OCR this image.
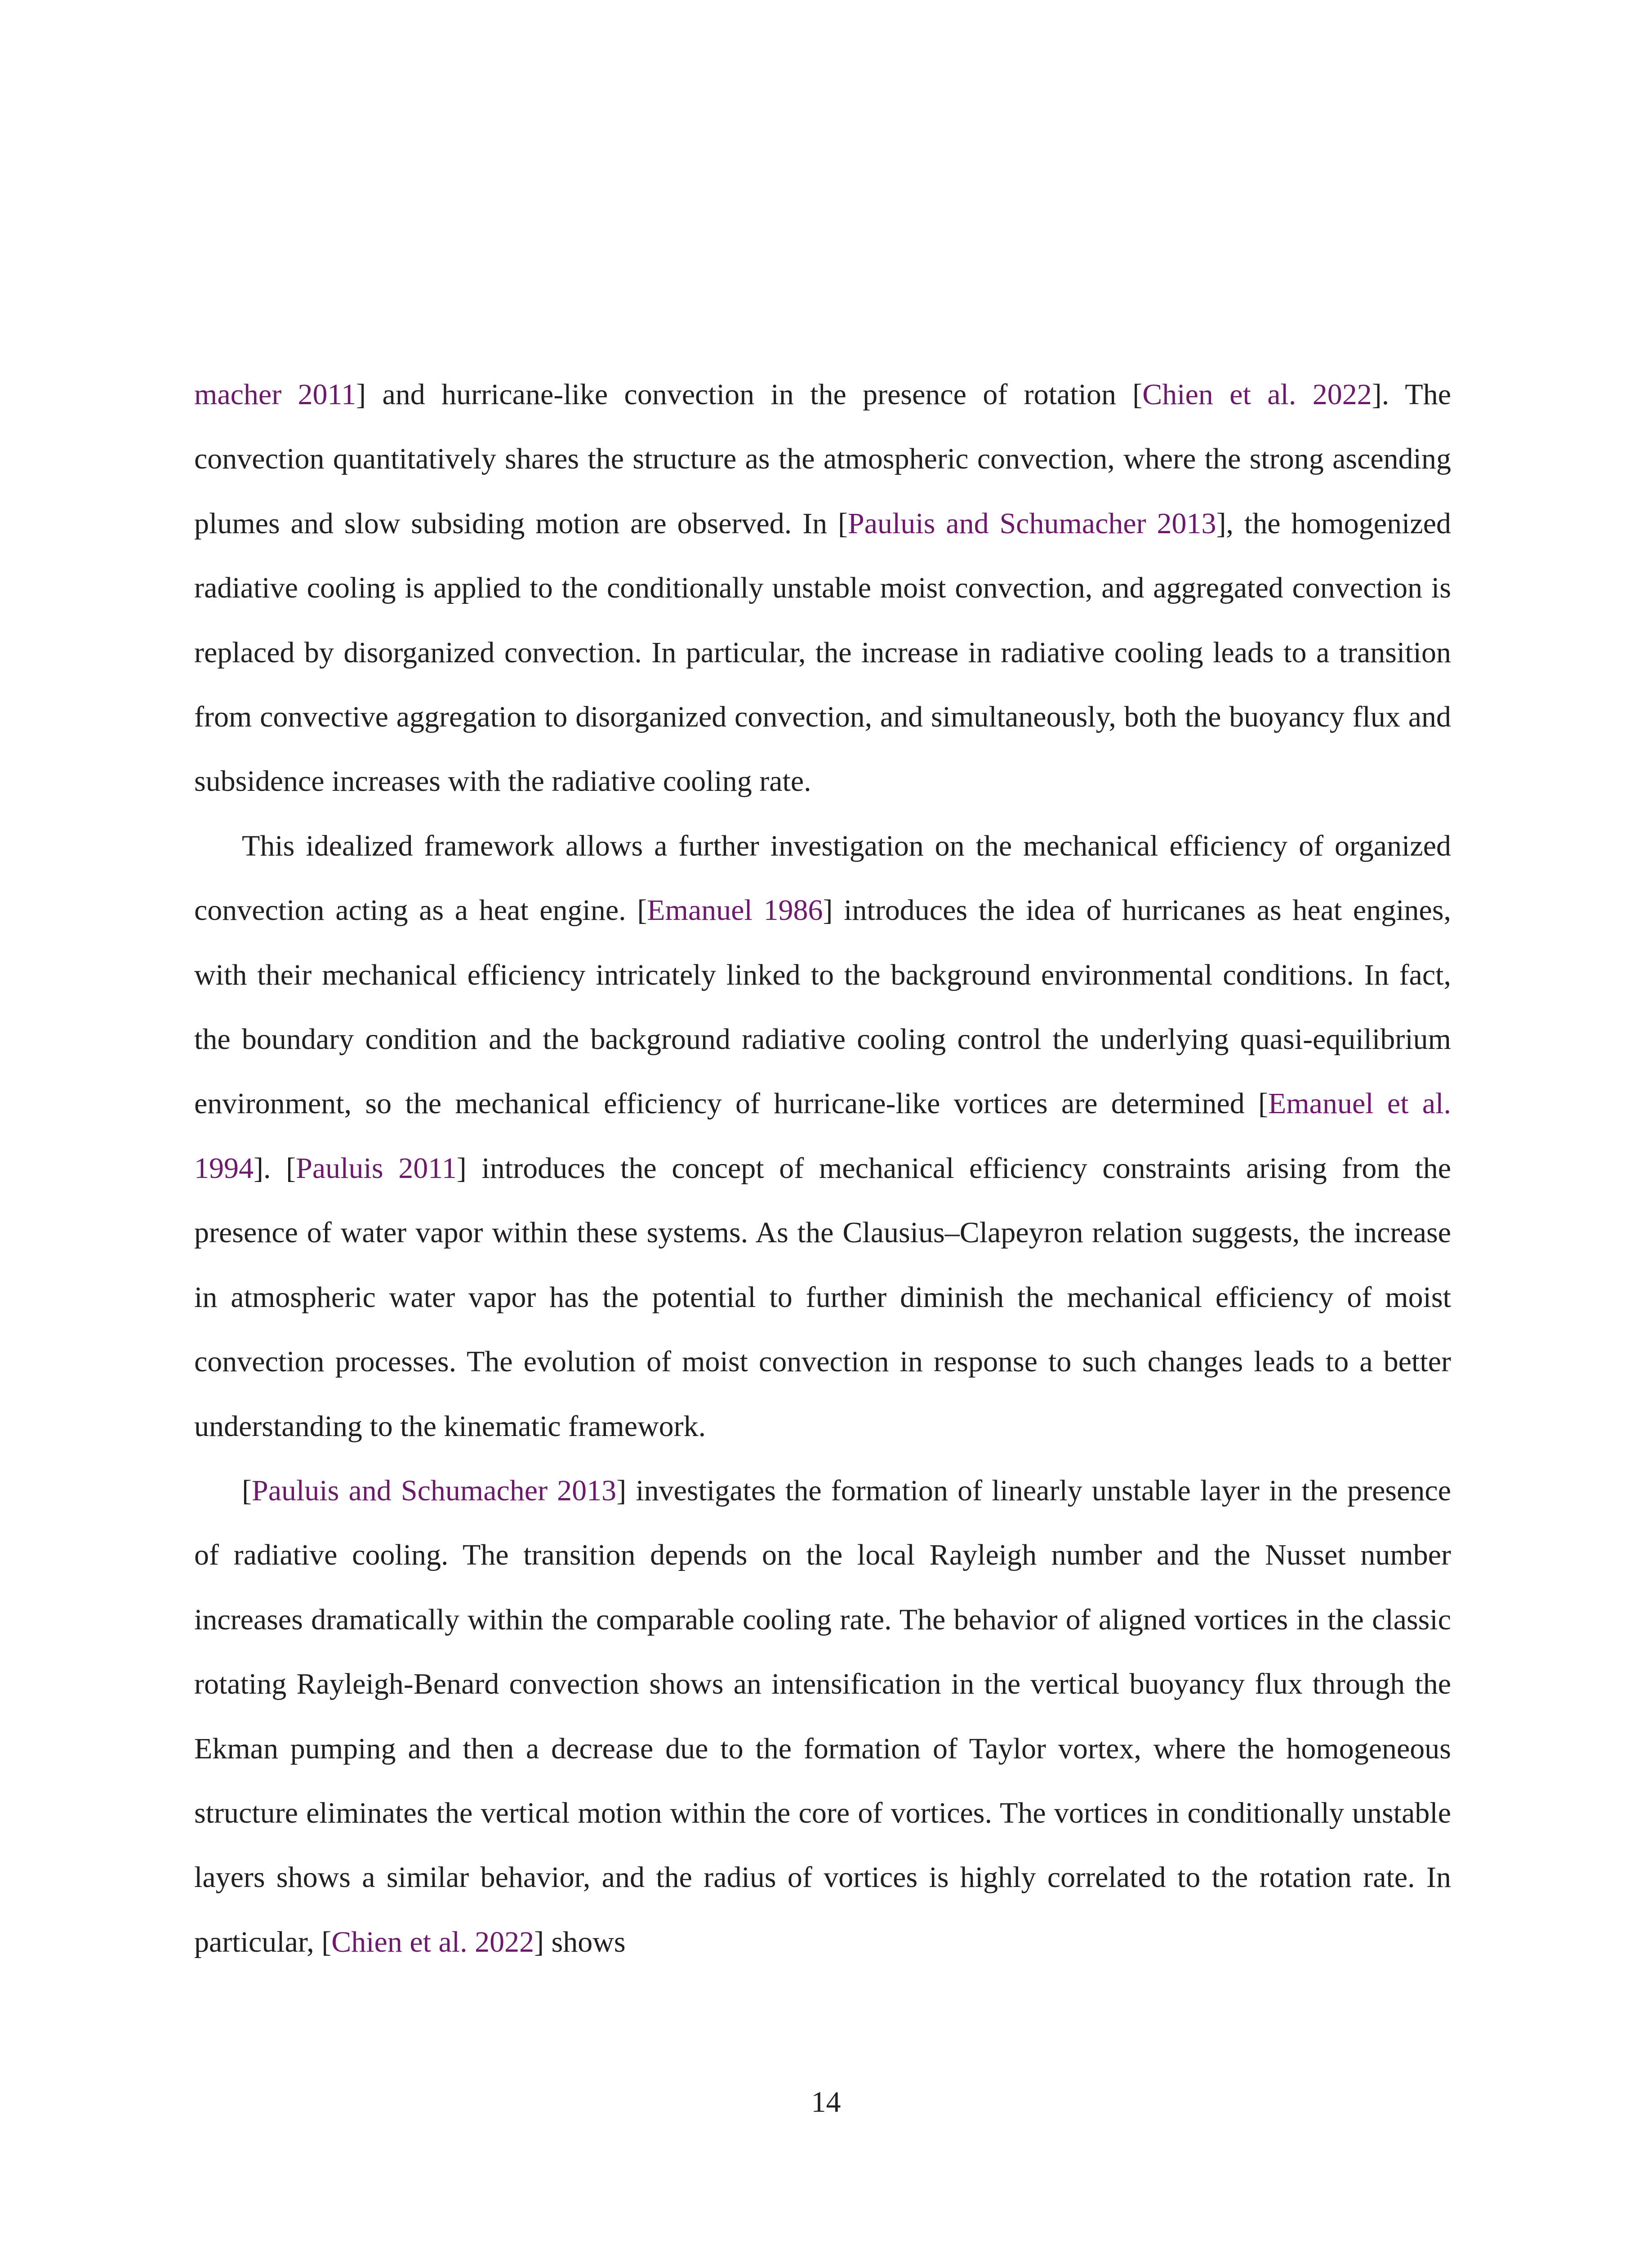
macher 2011] and hurricane-like convection in the presence of rotation [Chien et al. 2022]. The convection quantitatively shares the structure as the atmospheric convection, where the strong ascending plumes and slow subsiding motion are observed. In [Pauluis and Schumacher 2013], the homogenized radiative cooling is applied to the conditionally unstable moist convection, and aggregated convection is replaced by disorganized convection. In particular, the increase in radiative cooling leads to a transition from convective aggregation to disorganized convection, and simultaneously, both the buoyancy flux and subsidence increases with the radiative cooling rate.

This idealized framework allows a further investigation on the mechanical efficiency of organized convection acting as a heat engine. [Emanuel 1986] introduces the idea of hurricanes as heat engines, with their mechanical efficiency intricately linked to the background environmental conditions. In fact, the boundary condition and the background radiative cooling control the underlying quasi-equilibrium environment, so the mechanical efficiency of hurricane-like vortices are determined [Emanuel et al. 1994]. [Pauluis 2011] introduces the concept of mechanical efficiency constraints arising from the presence of water vapor within these systems. As the Clausius–Clapeyron relation suggests, the increase in atmospheric water vapor has the potential to further diminish the mechanical efficiency of moist convection processes. The evolution of moist convection in response to such changes leads to a better understanding to the kinematic framework.

[Pauluis and Schumacher 2013] investigates the formation of linearly unstable layer in the presence of radiative cooling. The transition depends on the local Rayleigh number and the Nusset number increases dramatically within the comparable cooling rate. The behavior of aligned vortices in the classic rotating Rayleigh-Benard convection shows an intensification in the vertical buoyancy flux through the Ekman pumping and then a decrease due to the formation of Taylor vortex, where the homogeneous structure eliminates the vertical motion within the core of vortices. The vortices in conditionally unstable layers shows a similar behavior, and the radius of vortices is highly correlated to the rotation rate. In particular, [Chien et al. 2022] shows

14
